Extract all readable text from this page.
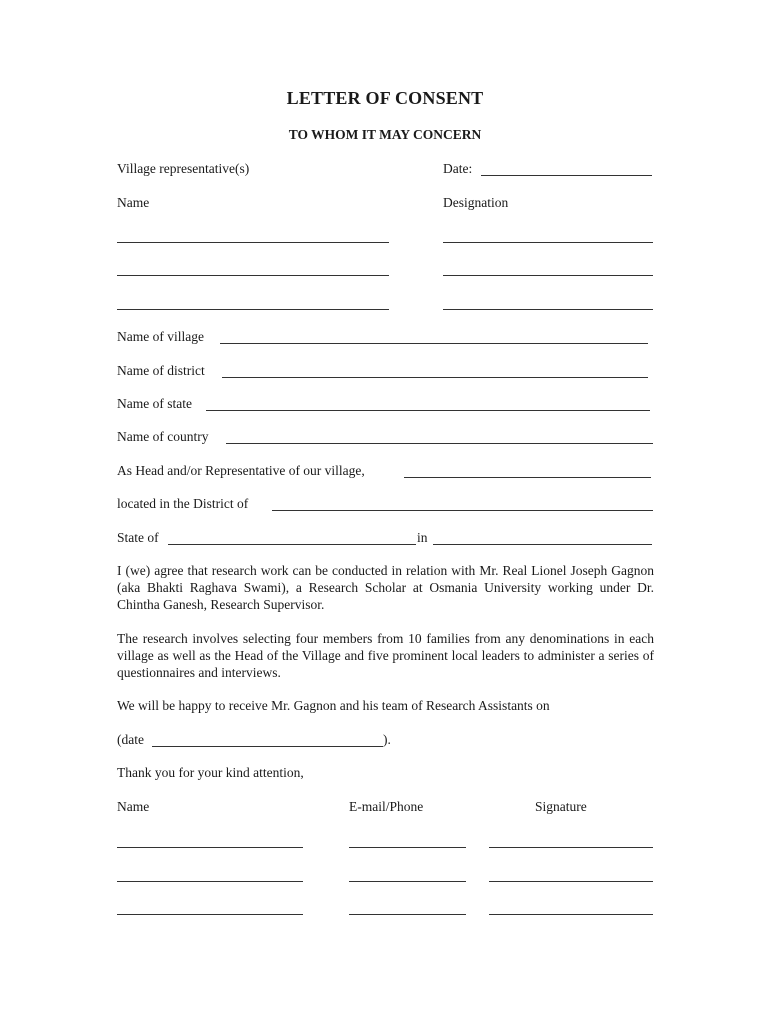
LETTER OF CONSENT
TO WHOM IT MAY CONCERN
Village representative(s)	Date:
Name	Designation
Name of village
Name of district
Name of state
Name of country
As Head and/or Representative of our village,
located in the District of
State of	in
I (we) agree that research work can be conducted in relation with Mr. Real Lionel Joseph Gagnon (aka Bhakti Raghava Swami), a Research Scholar at Osmania University working under Dr. Chintha Ganesh, Research Supervisor.
The research involves selecting four members from 10 families from any denominations in each village as well as the Head of the Village and five prominent local leaders to administer a series of questionnaires and interviews.
We will be happy to receive Mr. Gagnon and his team of Research Assistants on
(date	).
Thank you for your kind attention,
Name	E-mail/Phone	Signature
